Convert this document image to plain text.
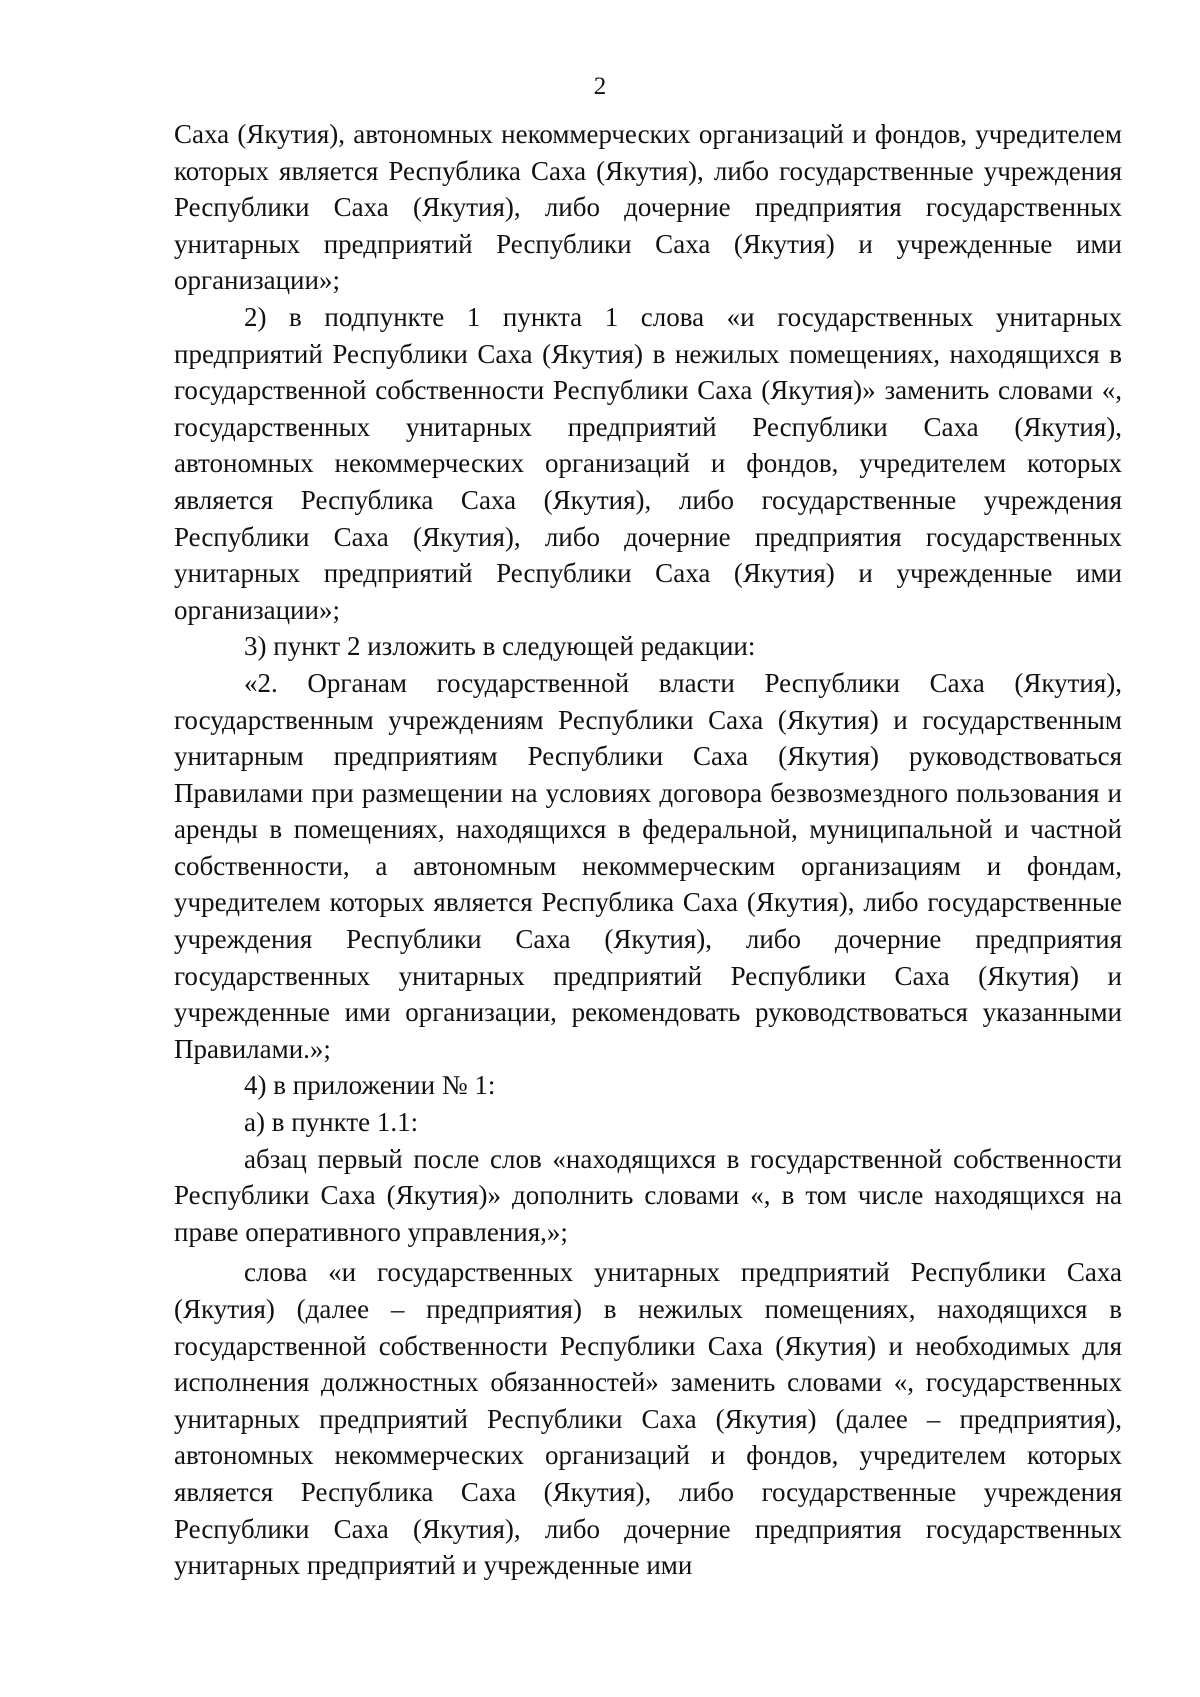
2

Саха (Якутия), автономных некоммерческих организаций и фондов, учредителем которых является Республика Саха (Якутия), либо государственные учреждения Республики Саха (Якутия), либо дочерние предприятия государственных унитарных предприятий Республики Саха (Якутия) и учрежденные ими организации»;

2) в подпункте 1 пункта 1 слова «и государственных унитарных предприятий Республики Саха (Якутия) в нежилых помещениях, находящихся в государственной собственности Республики Саха (Якутия)» заменить словами «, государственных унитарных предприятий Республики Саха (Якутия), автономных некоммерческих организаций и фондов, учредителем которых является Республика Саха (Якутия), либо государственные учреждения Республики Саха (Якутия), либо дочерние предприятия государственных унитарных предприятий Республики Саха (Якутия) и учрежденные ими организации»;

3) пункт 2 изложить в следующей редакции:

«2. Органам государственной власти Республики Саха (Якутия), государственным учреждениям Республики Саха (Якутия) и государственным унитарным предприятиям Республики Саха (Якутия) руководствоваться Правилами при размещении на условиях договора безвозмездного пользования и аренды в помещениях, находящихся в федеральной, муниципальной и частной собственности, а автономным некоммерческим организациям и фондам, учредителем которых является Республика Саха (Якутия), либо государственные учреждения Республики Саха (Якутия), либо дочерние предприятия государственных унитарных предприятий Республики Саха (Якутия) и учрежденные ими организации, рекомендовать руководствоваться указанными Правилами.»;

4) в приложении № 1:

а) в пункте 1.1:

абзац первый после слов «находящихся в государственной собственности Республики Саха (Якутия)» дополнить словами «, в том числе находящихся на праве оперативного управления,»;

слова «и государственных унитарных предприятий Республики Саха (Якутия) (далее – предприятия) в нежилых помещениях, находящихся в государственной собственности Республики Саха (Якутия) и необходимых для исполнения должностных обязанностей» заменить словами «, государственных унитарных предприятий Республики Саха (Якутия) (далее – предприятия), автономных некоммерческих организаций и фондов, учредителем которых является Республика Саха (Якутия), либо государственные учреждения Республики Саха (Якутия), либо дочерние предприятия государственных унитарных предприятий и учрежденные ими
